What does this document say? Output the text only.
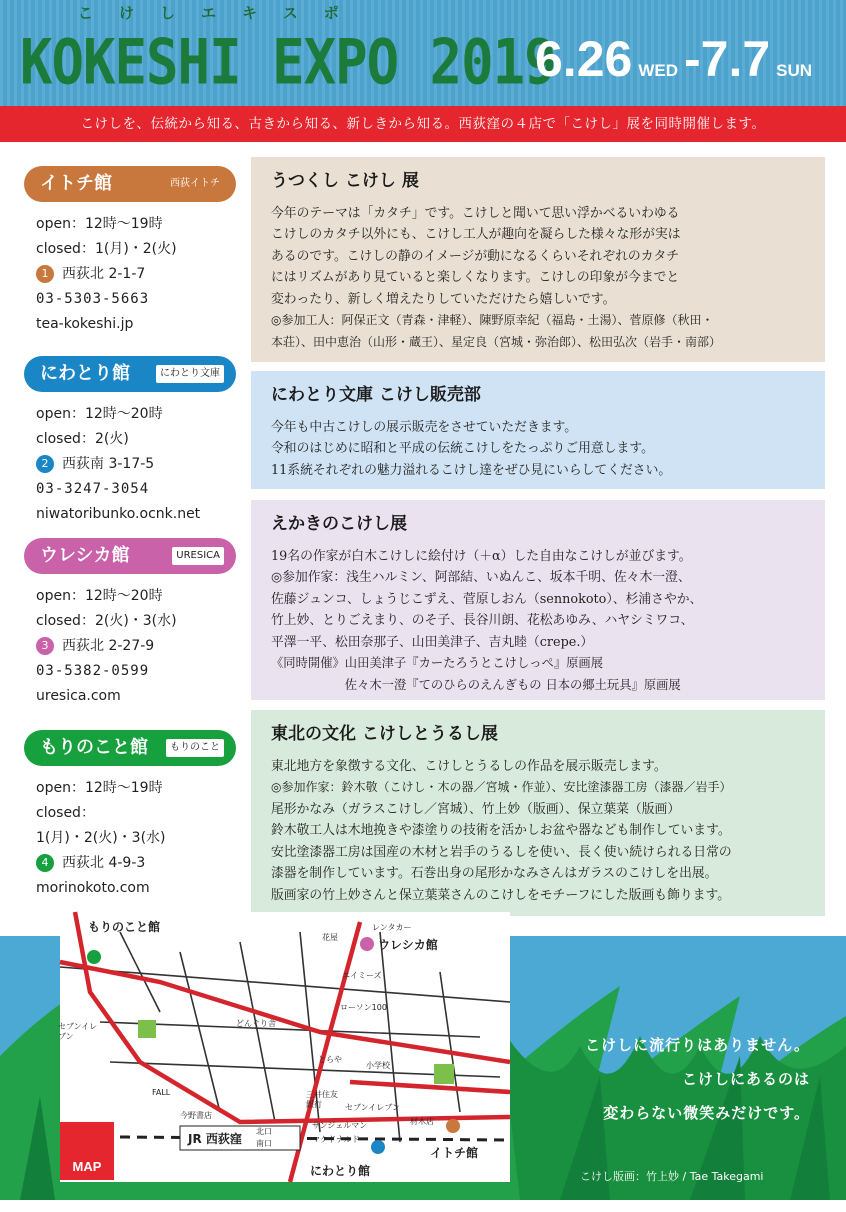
こけしエキスポ
KOKESHI EXPO 2019
6.26 WED -7.7 SUN
こけしを、伝統から知る、古きから知る、新しきから知る。西荻窪の４店で「こけし」展を同時開催します。
イトチ館	西荻イトチ
open：12時〜19時
closed：1(月)・2(火)
1 西荻北 2-1-7
03-5303-5663
tea-kokeshi.jp
にわとり館	にわとり文庫
open：12時〜20時
closed：2(火)
2 西荻南 3-17-5
03-3247-3054
niwatoribunko.ocnk.net
ウレシカ館	URESICA
open：12時〜20時
closed：2(火)・3(水)
3 西荻北 2-27-9
03-5382-0599
uresica.com
もりのこと館	もりのこと
open：12時〜19時
closed：
1(月)・2(火)・3(水)
4 西荻北 4-9-3
morinokoto.com
うつくし こけし 展
今年のテーマは「カタチ」です。こけしと聞いて思い浮かべるいわゆる
こけしのカタチ以外にも、こけし工人が趣向を凝らした様々な形が実は
あるのです。こけしの静のイメージが動になるくらいそれぞれのカタチ
にはリズムがあり見ていると楽しくなります。こけしの印象が今までと
変わったり、新しく増えたりしていただけたら嬉しいです。
◎参加工人：阿保正文（青森・津軽）、陳野原幸紀（福島・土湯）、菅原修（秋田・
本荘）、田中恵治（山形・蔵王）、星定良（宮城・弥治郎）、松田弘次（岩手・南部）
にわとり文庫 こけし販売部
今年も中古こけしの展示販売をさせていただきます。
令和のはじめに昭和と平成の伝統こけしをたっぷりご用意します。
11系統それぞれの魅力溢れるこけし達をぜひ見にいらしてください。
えかきのこけし展
19名の作家が白木こけしに絵付け（＋α）した自由なこけしが並びます。
◎参加作家：浅生ハルミン、阿部結、いぬんこ、坂本千明、佐々木一澄、
佐藤ジュンコ、しょうじこずえ、菅原しおん（sennokoto）、杉浦さやか、
竹上妙、とりごえまり、のそ子、長谷川朗、花松あゆみ、ハヤシミワコ、
平澤一平、松田奈那子、山田美津子、吉丸睦（crepe.）
《同時開催》山田美津子『カーたろうとこけしっぺ』原画展
　　　　　　佐々木一澄『てのひらのえんぎもの 日本の郷土玩具』原画展
東北の文化 こけしとうるし展
東北地方を象徴する文化、こけしとうるしの作品を展示販売します。
◎参加作家：鈴木敬（こけし・木の器／宮城・作並）、安比塗漆器工房（漆器／岩手）
尾形かなみ（ガラスこけし／宮城）、竹上妙（版画）、保立葉菜（版画）
鈴木敬工人は木地挽きや漆塗りの技術を活かしお盆や器なども制作しています。
安比塗漆器工房は国産の木材と岩手のうるしを使い、長く使い続けられる日常の
漆器を制作しています。石巻出身の尾形かなみさんはガラスのこけしを出展。
版画家の竹上妙さんと保立葉菜さんのこけしをモチーフにした版画も飾ります。
もりのこと館
ウレシカ館
イトチ館
にわとり館
JR 西荻窪
北口
南口
レンタカー
花屋
エイミーズ
ローソン100
どんぐり舎
とらや
小学校
三井住友銀行	セブンイレブン
サンジェルマン
マクドナルド
材木店
今野書店
FALL
セブンイレブン
MAP
こけしに流行りはありません。
こけしにあるのは
変わらない微笑みだけです。
こけし版画：竹上妙 / Tae Takegami
